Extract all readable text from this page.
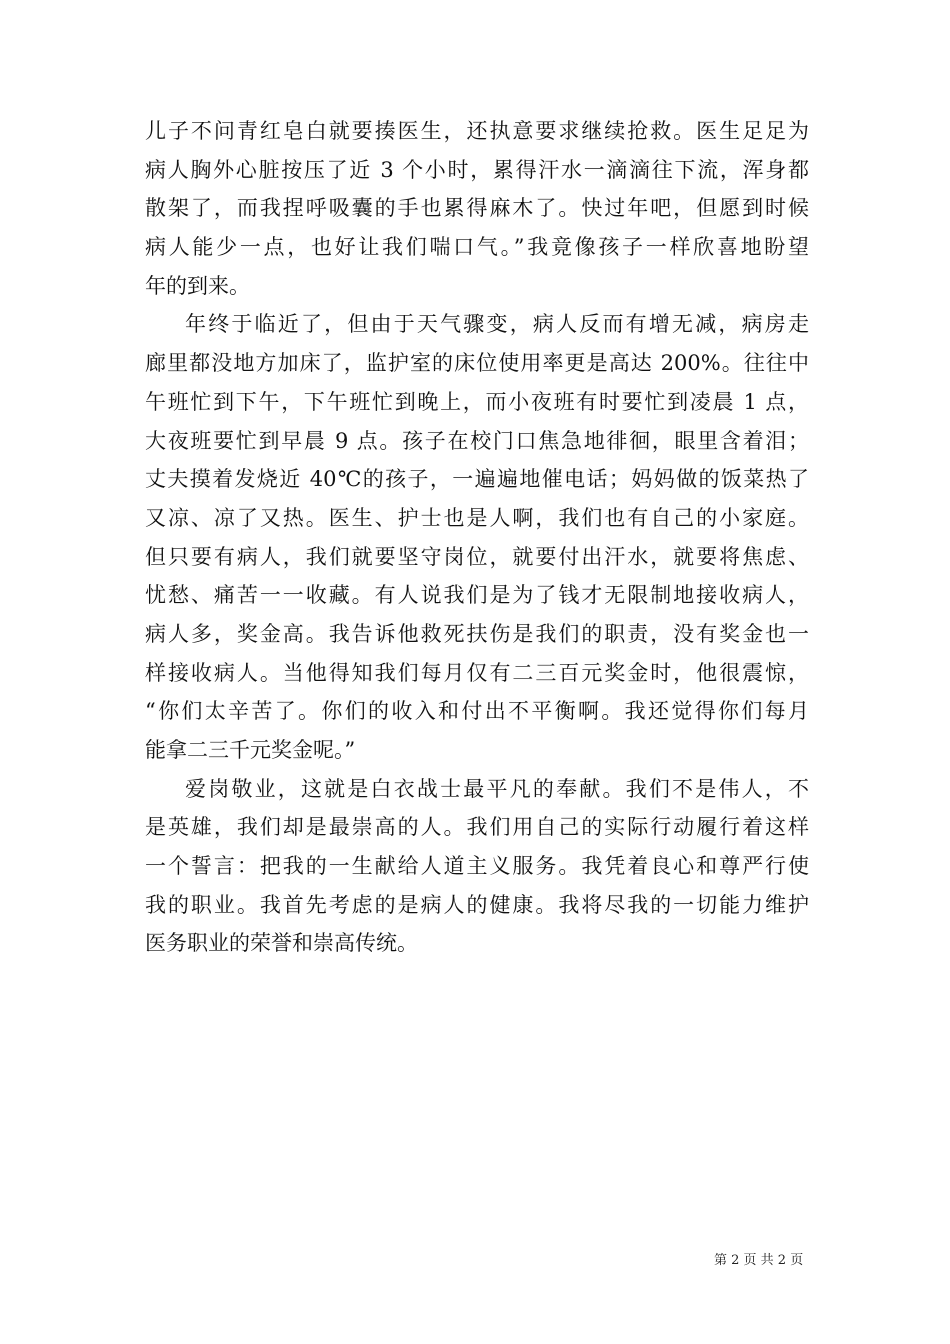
儿子不问青红皂白就要揍医生，还执意要求继续抢救。医生足足为
病人胸外心脏按压了近 3 个小时，累得汗水一滴滴往下流，浑身都
散架了，而我捏呼吸囊的手也累得麻木了。快过年吧，但愿到时候
病人能少一点，也好让我们喘口气。”我竟像孩子一样欣喜地盼望
年的到来。
年终于临近了，但由于天气骤变，病人反而有增无减，病房走
廊里都没地方加床了，监护室的床位使用率更是高达 200%。往往中
午班忙到下午，下午班忙到晚上，而小夜班有时要忙到凌晨 1 点，
大夜班要忙到早晨 9 点。孩子在校门口焦急地徘徊，眼里含着泪；
丈夫摸着发烧近 40℃的孩子，一遍遍地催电话；妈妈做的饭菜热了
又凉、凉了又热。医生、护士也是人啊，我们也有自己的小家庭。
但只要有病人，我们就要坚守岗位，就要付出汗水，就要将焦虑、
忧愁、痛苦一一收藏。有人说我们是为了钱才无限制地接收病人，
病人多，奖金高。我告诉他救死扶伤是我们的职责，没有奖金也一
样接收病人。当他得知我们每月仅有二三百元奖金时，他很震惊，
“你们太辛苦了。你们的收入和付出不平衡啊。我还觉得你们每月
能拿二三千元奖金呢。”
爱岗敬业，这就是白衣战士最平凡的奉献。我们不是伟人，不
是英雄，我们却是最崇高的人。我们用自己的实际行动履行着这样
一个誓言：把我的一生献给人道主义服务。我凭着良心和尊严行使
我的职业。我首先考虑的是病人的健康。我将尽我的一切能力维护
医务职业的荣誉和崇高传统。
第 2 页 共 2 页
